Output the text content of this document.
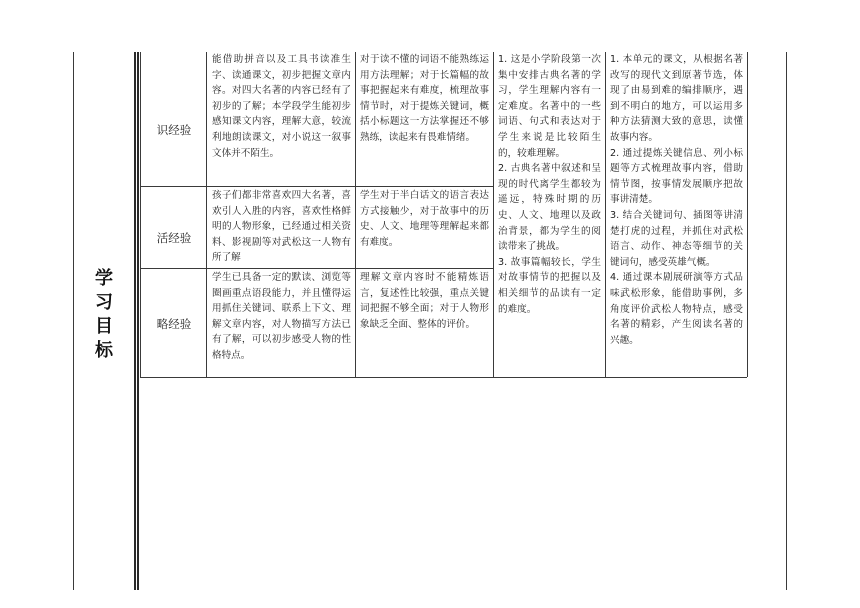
学
习
目
标
识经验
活经验
略经验

能借助拼音以及工具书读准生字、读通课文，初步把握文章内容。对四大名著的内容已经有了初步的了解；本学段学生能初步感知课文内容，理解大意，较流利地朗读课文，对小说这一叙事文体并不陌生。

对于读不懂的词语不能熟练运用方法理解；对于长篇幅的故事把握起来有难度，梳理故事情节时，对于提炼关键词，概括小标题这一方法掌握还不够熟练，读起来有畏难情绪。

孩子们都非常喜欢四大名著，喜欢引人入胜的内容，喜欢性格鲜明的人物形象，已经通过相关资料、影视剧等对武松这一人物有所了解

学生对于半白话文的语言表达方式接触少，对于故事中的历史、人文、地理等理解起来都有难度。

学生已具备一定的默读、浏览等圈画重点语段能力，并且懂得运用抓住关键词、联系上下文、理解文章内容，对人物描写方法已有了解，可以初步感受人物的性格特点。

理解文章内容时不能精炼语言，复述性比较强，重点关键词把握不够全面；对于人物形象缺乏全面、整体的评价。

1. 这是小学阶段第一次集中安排古典名著的学习，学生理解内容有一定难度。名著中的一些词语、句式和表达对于学生来说是比较陌生的，较难理解。

2. 古典名著中叙述和呈现的时代离学生都较为遥远，特殊时期的历史、人文、地理以及政治背景，都为学生的阅读带来了挑战。

3. 故事篇幅较长，学生对故事情节的把握以及相关细节的品读有一定的难度。

1. 本单元的课文，从根据名著改写的现代文到原著节选，体现了由易到难的编排顺序，遇到不明白的地方，可以运用多种方法猜测大致的意思，读懂故事内容。

2. 通过提炼关键信息、列小标题等方式梳理故事内容，借助情节图，按事情发展顺序把故事讲清楚。

3. 结合关键词句、插图等讲清楚打虎的过程，并抓住对武松语言、动作、神态等细节的关键词句，感受英雄气概。

4. 通过课本剧展研演等方式品味武松形象，能借助事例，多角度评价武松人物特点，感受名著的精彩，产生阅读名著的兴趣。
